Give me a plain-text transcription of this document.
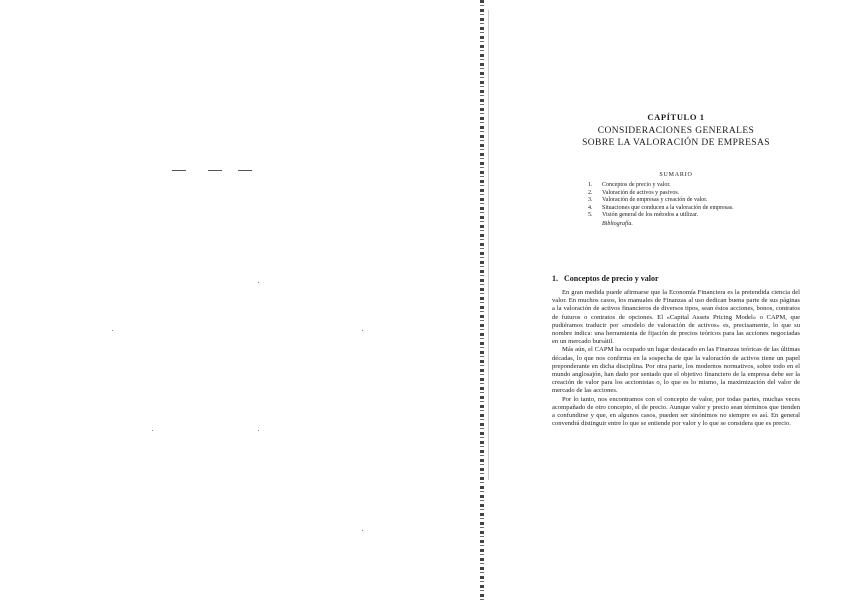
CAPÍTULO 1
CONSIDERACIONES GENERALES
SOBRE LA VALORACIÓN DE EMPRESAS
SUMARIO
1.	Conceptos de precio y valor.
2.	Valoración de activos y pasivos.
3.	Valoración de empresas y creación de valor.
4.	Situaciones que conducen a la valoración de empresas.
5.	Visión general de los métodos a utilizar.
Bibliografía.
1. Conceptos de precio y valor

En gran medida puede afirmarse que la Economía Financiera es la pretendida ciencia del valor. En muchos casos, los manuales de Finanzas al uso dedican buena parte de sus páginas a la valoración de activos financieros de diversos tipos, sean éstos acciones, bonos, contratos de futuros o contratos de opciones. El «Capital Assets Pricing Model» o CAPM, que pudiéramos traducir por «modelo de valoración de activos» es, precisamente, lo que su nombre indica: una herramienta de fijación de precios teóricos para las acciones negociadas en un mercado bursátil.

Más aún, el CAPM ha ocupado un lugar destacado en las Finanzas teóricas de las últimas décadas, lo que nos confirma en la sospecha de que la valoración de activos tiene un papel preponderante en dicha disciplina. Por otra parte, los modernos normativos, sobre todo en el mundo anglosajón, han dado por sentado que el objetivo financiero de la empresa debe ser la creación de valor para los accionistas o, lo que es lo mismo, la maximización del valor de mercado de las acciones.

Por lo tanto, nos encontramos con el concepto de valor, por todas partes, muchas veces acompañado de otro concepto, el de precio. Aunque valor y precio sean términos que tienden a confundirse y que, en algunos casos, pueden ser sinónimos no siempre es así. En general convendrá distinguir entre lo que se entiende por valor y lo que se considera que es precio.
